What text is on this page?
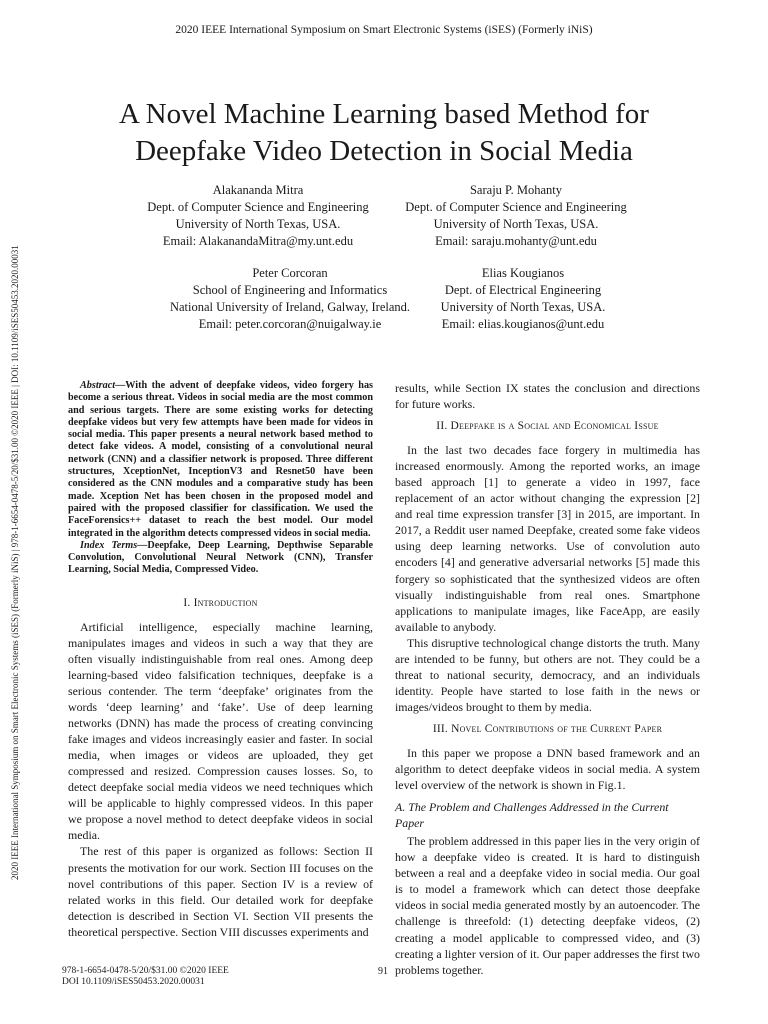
2020 IEEE International Symposium on Smart Electronic Systems (iSES) (Formerly iNiS)
A Novel Machine Learning based Method for
Deepfake Video Detection in Social Media
Alakananda Mitra
Dept. of Computer Science and Engineering
University of North Texas, USA.
Email: AlakanandaMitra@my.unt.edu
Saraju P. Mohanty
Dept. of Computer Science and Engineering
University of North Texas, USA.
Email: saraju.mohanty@unt.edu
Peter Corcoran
School of Engineering and Informatics
National University of Ireland, Galway, Ireland.
Email: peter.corcoran@nuigalway.ie
Elias Kougianos
Dept. of Electrical Engineering
University of North Texas, USA.
Email: elias.kougianos@unt.edu
2020 IEEE International Symposium on Smart Electronic Systems (iSES) (Formerly iNiS) | 978-1-6654-0478-5/20/$31.00 ©2020 IEEE | DOI: 10.1109/iSES50453.2020.00031	Abstract—With the advent of deepfake videos, video forgery has become a serious threat. Videos in social media are the most common and serious targets. There are some existing works for detecting deepfake videos but very few attempts have been made for videos in social media. This paper presents a neural network based method to detect fake videos. A model, consisting of a convolutional neural network (CNN) and a classifier network is proposed. Three different structures, XceptionNet, InceptionV3 and Resnet50 have been considered as the CNN modules and a comparative study has been made. Xception Net has been chosen in the proposed model and paired with the proposed classifier for classification. We used the FaceForensics++ dataset to reach the best model. Our model integrated in the algorithm detects compressed videos in social media.

Index Terms—Deepfake, Deep Learning, Depthwise Separable Convolution, Convolutional Neural Network (CNN), Transfer Learning, Social Media, Compressed Video.

I. Introduction

Artificial intelligence, especially machine learning, manipulates images and videos in such a way that they are often visually indistinguishable from real ones. Among deep learning-based video falsification techniques, deepfake is a serious contender. The term ‘deepfake’ originates from the words ‘deep learning’ and ‘fake’. Use of deep learning networks (DNN) has made the process of creating convincing fake images and videos increasingly easier and faster. In social media, when images or videos are uploaded, they get compressed and resized. Compression causes losses. So, to detect deepfake social media videos we need techniques which will be applicable to highly compressed videos. In this paper we propose a novel method to detect deepfake videos in social media.

The rest of this paper is organized as follows: Section II presents the motivation for our work. Section III focuses on the novel contributions of this paper. Section IV is a review of related works in this field. Our detailed work for deepfake detection is described in Section VI. Section VII presents the theoretical perspective. Section VIII discusses experiments and

results, while Section IX states the conclusion and directions for future works.

II. Deepfake is a Social and Economical Issue

In the last two decades face forgery in multimedia has increased enormously. Among the reported works, an image based approach [1] to generate a video in 1997, face replacement of an actor without changing the expression [2] and real time expression transfer [3] in 2015, are important. In 2017, a Reddit user named Deepfake, created some fake videos using deep learning networks. Use of convolution auto encoders [4] and generative adversarial networks [5] made this forgery so sophisticated that the synthesized videos are often visually indistinguishable from real ones. Smartphone applications to manipulate images, like FaceApp, are easily available to anybody.

This disruptive technological change distorts the truth. Many are intended to be funny, but others are not. They could be a threat to national security, democracy, and an individuals identity. People have started to lose faith in the news or images/videos brought to them by media.

III. Novel Contributions of the Current Paper

In this paper we propose a DNN based framework and an algorithm to detect deepfake videos in social media. A system level overview of the network is shown in Fig.1.

A. The Problem and Challenges Addressed in the Current Paper

The problem addressed in this paper lies in the very origin of how a deepfake video is created. It is hard to distinguish between a real and a deepfake video in social media. Our goal is to model a framework which can detect those deepfake videos in social media generated mostly by an autoencoder. The challenge is threefold: (1) detecting deepfake videos, (2) creating a model applicable to compressed video, and (3) creating a lighter version of it. Our paper addresses the first two problems together.

978-1-6654-0478-5/20/$31.00 ©2020 IEEE
DOI 10.1109/iSES50453.2020.00031
91
